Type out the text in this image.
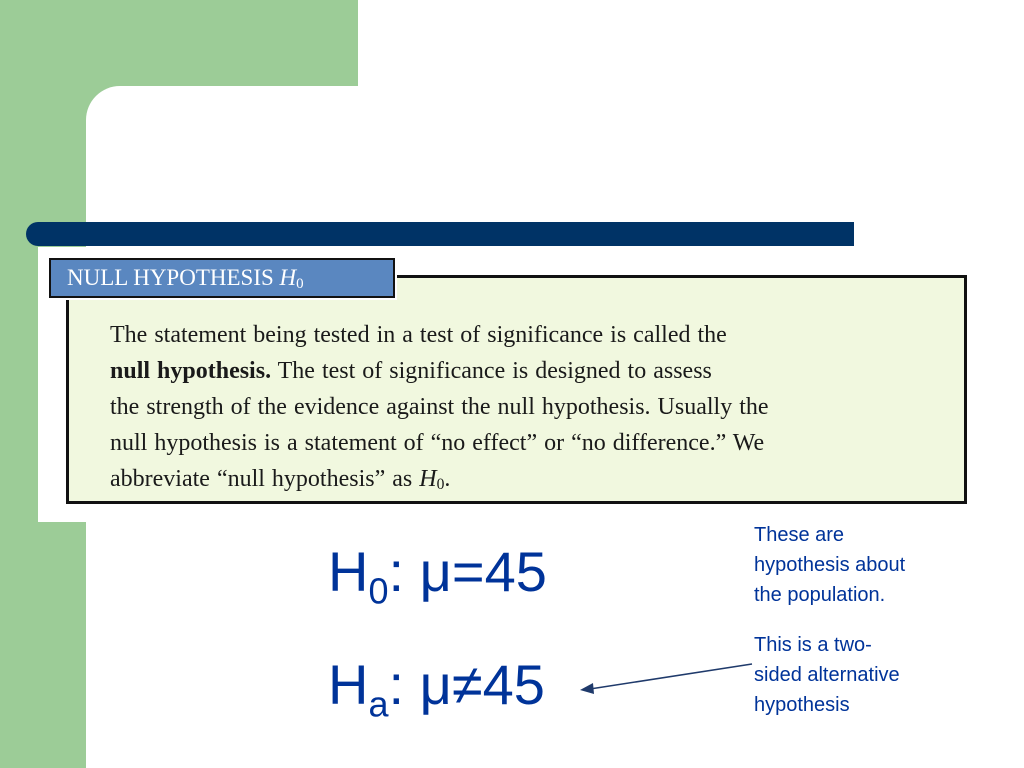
The statement being tested in a test of significance is called the
null hypothesis. The test of significance is designed to assess
the strength of the evidence against the null hypothesis. Usually the
null hypothesis is a statement of “no effect” or “no difference.” We
abbreviate “null hypothesis” as $H_0$.

NULL HYPOTHESIS $H_0$
$H_0$: μ=45
$H_a$: μ≠45

These are
hypothesis about
the population.

This is a two-
sided alternative
hypothesis
